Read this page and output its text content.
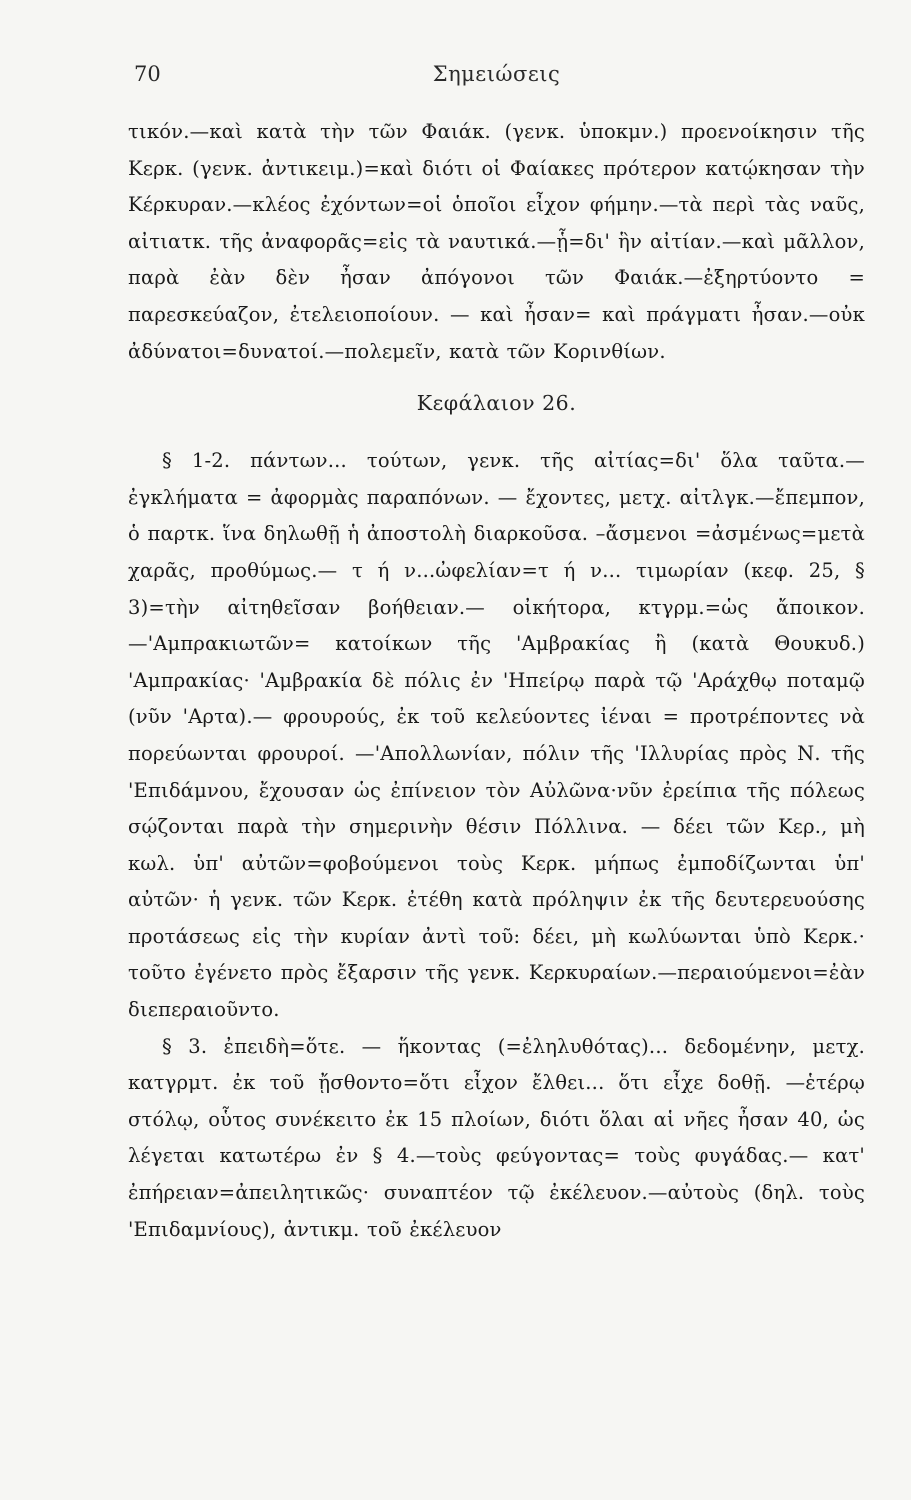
70	Σημειώσεις

τικόν.—καὶ κατὰ τὴν τῶν Φαιάκ. (γενκ. ὑποκμν.) προενοίκησιν τῆς Κερκ. (γενκ. ἀντικειμ.)=καὶ διότι οἱ Φαίακες πρότερον κατῴκησαν τὴν Κέρκυραν.—κλέος ἐχόντων=οἱ ὁποῖοι εἶχον φήμην.—τὰ περὶ τὰς ναῦς, αἰτιατκ. τῆς ἀναφορᾶς=εἰς τὰ ναυτικά.—ᾗ=δι' ἣν αἰτίαν.—καὶ μᾶλλον, παρὰ ἐὰν δὲν ἦσαν ἀπόγονοι τῶν Φαιάκ.—ἐξηρτύοντο = παρεσκεύαζον, ἐτελειοποίουν. — καὶ ἦσαν= καὶ πράγματι ἦσαν.—οὐκ ἀδύνατοι=δυνατοί.—πολεμεῖν, κατὰ τῶν Κορινθίων.

Κεφάλαιον 26.

§ 1-2. πάντων... τούτων, γενκ. τῆς αἰτίας=δι' ὅλα ταῦτα.—ἐγκλήματα = ἀφορμὰς παραπόνων. — ἔχοντες, μετχ. αἰτλγκ.—ἔπεμπον, ὁ παρτκ. ἵνα δηλωθῇ ἡ ἀποστολὴ διαρκοῦσα. –ἄσμενοι =ἀσμένως=μετὰ χαρᾶς, προθύμως.— τ ή ν...ὠφελίαν=τ ή ν... τιμωρίαν (κεφ. 25, § 3)=τὴν αἰτηθεῖσαν βοήθειαν.— οἰκήτορα, κτγρμ.=ὡς ἄποικον.—'Αμπρακιωτῶν= κατοίκων τῆς 'Αμβρακίας ἢ (κατὰ Θουκυδ.) 'Αμπρακίας· 'Αμβρακία δὲ πόλις ἐν 'Ηπείρῳ παρὰ τῷ 'Αράχθῳ ποταμῷ (νῦν 'Αρτα).— φρουρούς, ἐκ τοῦ κελεύοντες ἰέναι = προτρέποντες νὰ πορεύωνται φρουροί. —'Απολλωνίαν, πόλιν τῆς 'Ιλλυρίας πρὸς Ν. τῆς 'Επιδάμνου, ἔχουσαν ὡς ἐπίνειον τὸν Αὐλῶνα·νῦν ἐρείπια τῆς πόλεως σῴζονται παρὰ τὴν σημερινὴν θέσιν Πόλλινα. — δέει τῶν Κερ., μὴ κωλ. ὑπ' αὐτῶν=φοβούμενοι τοὺς Κερκ. μήπως ἐμποδίζωνται ὑπ' αὐτῶν· ἡ γενκ. τῶν Κερκ. ἐτέθη κατὰ πρόληψιν ἐκ τῆς δευτερευούσης προτάσεως εἰς τὴν κυρίαν ἀντὶ τοῦ: δέει, μὴ κωλύωνται ὑπὸ Κερκ.· τοῦτο ἐγένετο πρὸς ἔξαρσιν τῆς γενκ. Κερκυραίων.—περαιούμενοι=ἐὰν διεπεραιοῦντο.

§ 3. ἐπειδὴ=ὅτε. — ἥκοντας (=ἐληλυθότας)... δεδομένην, μετχ. κατγρμτ. ἐκ τοῦ ᾔσθοντο=ὅτι εἶχον ἔλθει... ὅτι εἶχε δοθῇ. —ἑτέρῳ στόλῳ, οὗτος συνέκειτο ἐκ 15 πλοίων, διότι ὅλαι αἱ νῆες ἦσαν 40, ὡς λέγεται κατωτέρω ἐν § 4.—τοὺς φεύγοντας= τοὺς φυγάδας.— κατ' ἐπήρειαν=ἀπειλητικῶς· συναπτέον τῷ ἐκέλευον.—αὐτοὺς (δηλ. τοὺς 'Επιδαμνίους), ἀντικμ. τοῦ ἐκέλευον
